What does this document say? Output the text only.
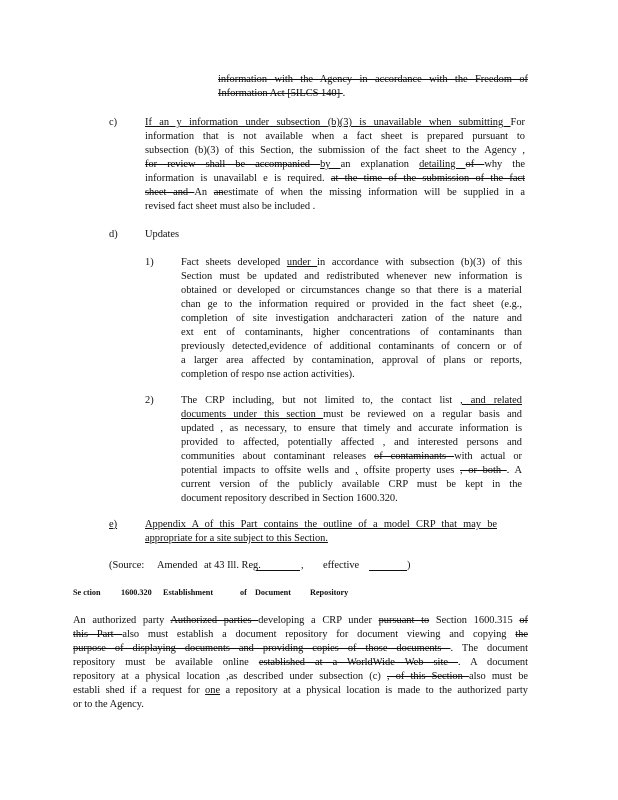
information with the Agency in accordance with the Freedom of
Information Act [5ILCS 140] .
c)	If an y information under subsection (b)(3) is unavailable when submitting For
information that is not available when a fact sheet is prepared pursuant to
subsection (b)(3) of this Section, the submission of the fact sheet to the Agency ,
for review shall be accompanied by an explanation detailing of why the
information is unavailabl e is required. at the time of the submission of the fact
sheet and An anestimate of when the missing information will be supplied in a
revised fact sheet must also be included .
d)	Updates
1)	Fact sheets developed under in accordance with subsection (b)(3) of this
Section must be updated and redistributed whenever new information is
obtained or developed or circumstances change so that there is a material
chan ge to the information required or provided in the fact sheet (e.g.,
completion of site investigation andcharacteri zation of the nature and
ext ent of contaminants, higher concentrations of contaminants than
previously detected,evidence of additional contaminants of concern or of
a larger area affected by contamination, approval of plans or reports,
completion of respo nse action activities).
2)	The CRP including, but not limited to, the contact list , and related
documents under this section must be reviewed on a regular basis and
updated , as necessary, to ensure that timely and accurate information is
provided to affected, potentially affected , and interested persons and
communities about contaminant releases of contaminants with actual or
potential impacts to offsite wells and , offsite property uses , or both . A
current version of the publicly available CRP must be kept in the
document repository described in Section 1600.320.
e)	Appendix A of this Part contains the outline of a model CRP that may be
appropriate for a site subject to this Section.
(Source: Amended at 43 Ill. Reg.	, effective	)
Se ction 1600.320 Establishment	of Document Repository
An authorized party Authorized parties developing a CRP under pursuant to Section 1600.315 of
this Part also must establish a document repository for document viewing and copying the
purpose of displaying documents and providing copies of those documents . The document
repository must be available online established at a WorldWide Web site . A document
repository at a physical location ,as described under subsection (c) , of this Section also must be
establi shed if a request for one a repository at a physical location is made to the authorized party
or to the Agency.
